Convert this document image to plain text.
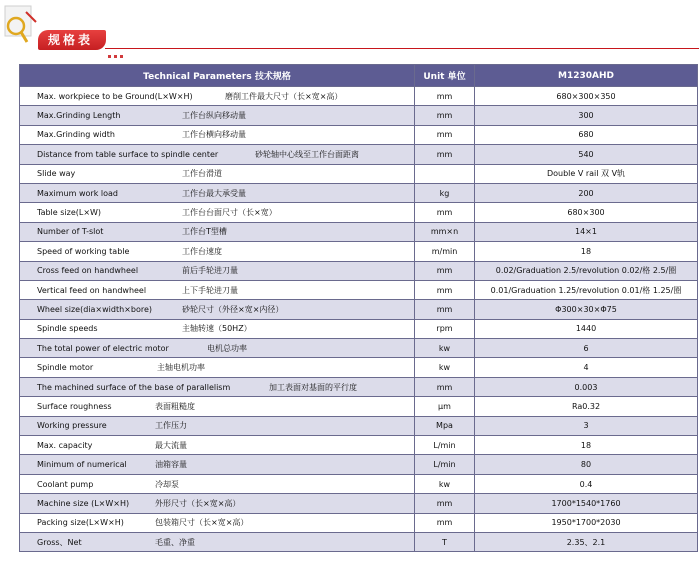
规格表
Technical Parameters 技术规格	Unit 单位	M1230AHD
Max. workpiece to be Ground(L×W×H) 磨削工件最大尺寸（长×宽×高）	mm	680×300×350
Max.Grinding Length 工作台纵向移动量	mm	300
Max.Grinding width 工作台横向移动量	mm	680
Distance from table surface to spindle center 砂轮轴中心线至工作台面距离	mm	540
Slide way 工作台滑道		Double V rail 双 V轨
Maximum work load 工作台最大承受量	kg	200
Table size(L×W) 工作台台面尺寸（长×宽）	mm	680×300
Number of T-slot 工作台T型槽	mm×n	14×1
Speed of working table 工作台速度	m/min	18
Cross feed on handwheel 前后手轮进刀量	mm	0.02/Graduation 2.5/revolution 0.02/格 2.5/圈
Vertical feed on handwheel 上下手轮进刀量	mm	0.01/Graduation 1.25/revolution 0.01/格 1.25/圈
Wheel size(dia×width×bore) 砂轮尺寸（外径×宽×内径）	mm	Φ300×30×Φ75
Spindle speeds 主轴转速（50HZ）	rpm	1440
The total power of electric motor 电机总功率	kw	6
Spindle motor 主轴电机功率	kw	4
The machined surface of the base of parallelism 加工表面对基面的平行度	mm	0.003
Surface roughness 表面粗糙度	μm	Ra0.32
Working pressure 工作压力	Mpa	3
Max. capacity 最大流量	L/min	18
Minimum of numerical 油箱容量	L/min	80
Coolant pump 冷却泵	kw	0.4
Machine size (L×W×H) 外形尺寸（长×宽×高）	mm	1700*1540*1760
Packing size(L×W×H) 包装箱尺寸（长×宽×高）	mm	1950*1700*2030
Gross、Net 毛重、净重	T	2.35、2.1
